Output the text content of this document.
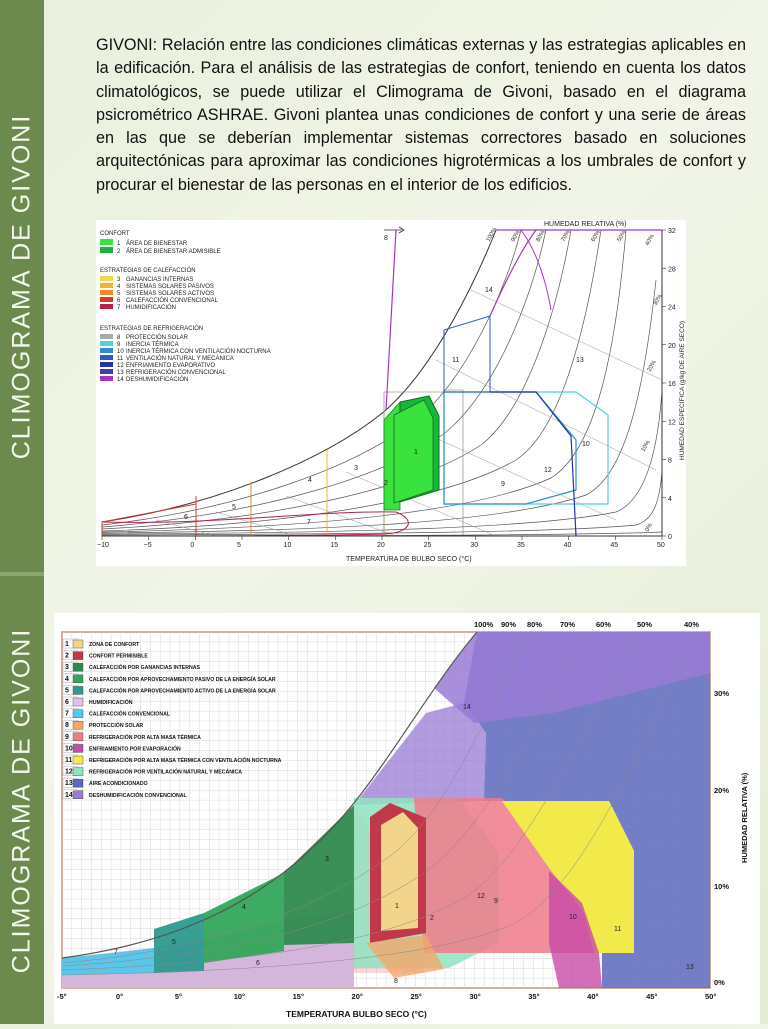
CLIMOGRAMA DE GIVONI
CLIMOGRAMA DE GIVONI
GIVONI: Relación entre las condiciones climáticas externas y las estrategias aplicables en la edificación. Para el análisis de las estrategias de confort, teniendo en cuenta los datos climatológicos, se puede utilizar el Climograma de Givoni, basado en el diagrama psicrométrico ASHRAE. Givoni plantea unas condiciones de confort y una serie de áreas en las que se deberían implementar sistemas correctores basado en soluciones arquitectónicas para aproximar las condiciones higrotérmicas a los umbrales de confort y procurar el bienestar de las personas en el interior de los edificios.
CONFORT
1 ÁREA DE BIENESTAR
2 ÁREA DE BIENESTAR ADMISIBLE
ESTRATEGIAS DE CALEFACCIÓN
3 GANANCIAS INTERNAS
4 SISTEMAS SOLARES PASIVOS
5 SISTEMAS SOLARES ACTIVOS
6 CALEFACCIÓN CONVENCIONAL
7 HUMIDIFICACIÓN
ESTRATEGIAS DE REFRIGERACIÓN
8 PROTECCIÓN SOLAR
9 INERCIA TÉRMICA
10 INERCIA TÉRMICA CON VENTILACIÓN NOCTURNA
11 VENTILACIÓN NATURAL Y MECÁNICA
12 ENFRIAMIENTO EVAPORATIVO
13 REFRIGERACIÓN CONVENCIONAL
14 DESHUMIDIFICACIÓN
1
2
3
4
5
6
7
8
9
10
11
12
13
14
−10	−5	0	5	10	15	20	25	30	35	40	45	50
0
4
8
12
16
20
24
28
32
100% 90% 80% 70%	60% 50%	40%
30%
20%
10%
0%
HUMEDAD RELATIVA (%)
TEMPERATURA DE BULBO SECO (°C)
HUMEDAD ESPECÍFICA (g/kg DE AIRE SECO)
1
2
3
4
5
6
7
8
9
10
11
12
13
14
1	ZONA DE CONFORT
2	CONFORT PERMISIBLE
3	CALEFACCIÓN POR GANANCIAS INTERNAS
4	CALEFACCIÓN POR APROVECHAMIENTO PASIVO DE LA ENERGÍA SOLAR
5	CALEFACCIÓN POR APROVECHAMIENTO ACTIVO DE LA ENERGÍA SOLAR
6	HUMIDIFICACIÓN
7	CALEFACCIÓN CONVENCIONAL
8	PROTECCIÓN SOLAR
9	REFRIGERACIÓN POR ALTA MASA TÉRMICA
10	ENFRIAMIENTO POR EVAPORACIÓN
11	REFRIGERACIÓN POR ALTA MASA TÉRMICA CON VENTILACIÓN NOCTURNA
12	REFRIGERACIÓN POR VENTILACIÓN NATURAL Y MECÁNICA
13	AIRE ACONDICIONADO
14	DESHUMIDIFICACIÓN CONVENCIONAL
-5°	0°	5°	10°	15°	20°	25°	30°	35°	40°	45°	50°
100% 90% 80% 70%	60%	50%	40%
30%
20%
10%
0%
TEMPERATURA BULBO SECO (°C)
HUMEDAD RELATIVA (%)
